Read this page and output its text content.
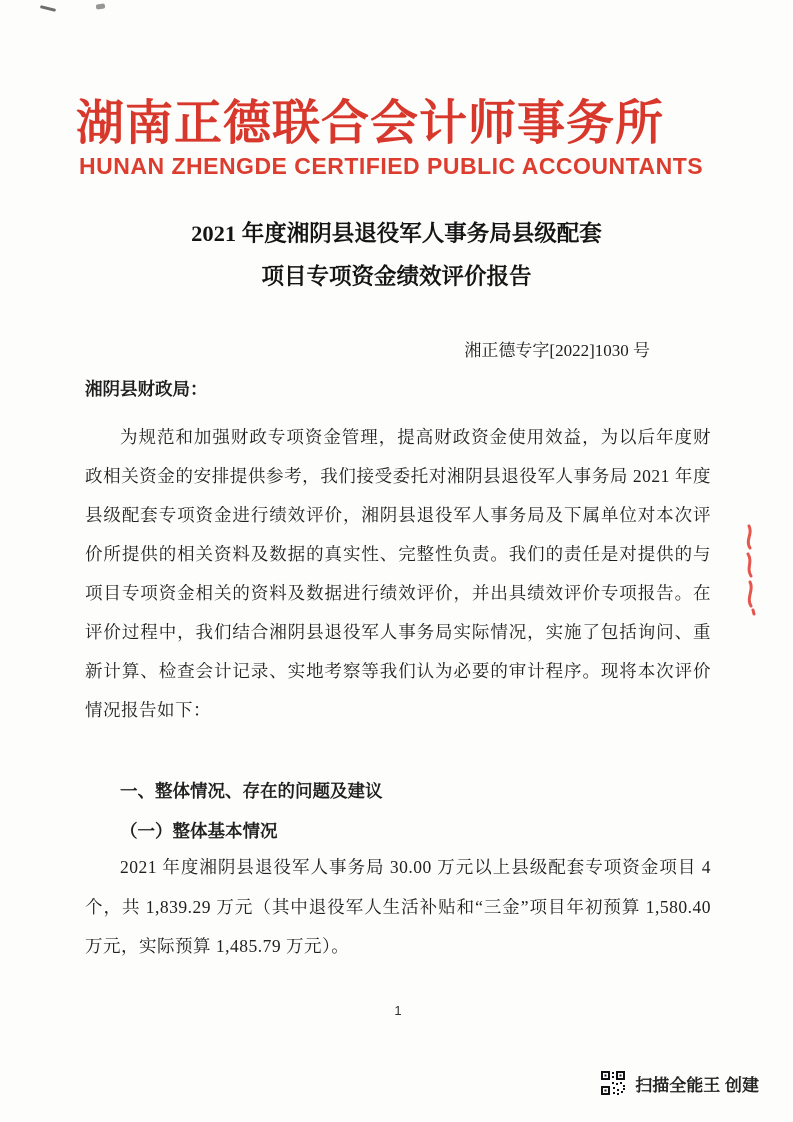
湖南正德联合会计师事务所
HUNAN ZHENGDE CERTIFIED PUBLIC ACCOUNTANTS
2021 年度湘阴县退役军人事务局县级配套
项目专项资金绩效评价报告
湘正德专字[2022]1030 号
湘阴县财政局：
为规范和加强财政专项资金管理，提高财政资金使用效益，为以后年度财政相关资金的安排提供参考，我们接受委托对湘阴县退役军人事务局 2021 年度县级配套专项资金进行绩效评价，湘阴县退役军人事务局及下属单位对本次评价所提供的相关资料及数据的真实性、完整性负责。我们的责任是对提供的与项目专项资金相关的资料及数据进行绩效评价，并出具绩效评价专项报告。在评价过程中，我们结合湘阴县退役军人事务局实际情况，实施了包括询问、重新计算、检查会计记录、实地考察等我们认为必要的审计程序。现将本次评价情况报告如下：
一、整体情况、存在的问题及建议
（一）整体基本情况
2021 年度湘阴县退役军人事务局 30.00 万元以上县级配套专项资金项目 4 个，共 1,839.29 万元（其中退役军人生活补贴和“三金”项目年初预算 1,580.40 万元，实际预算 1,485.79 万元）。
1
扫描全能王 创建
